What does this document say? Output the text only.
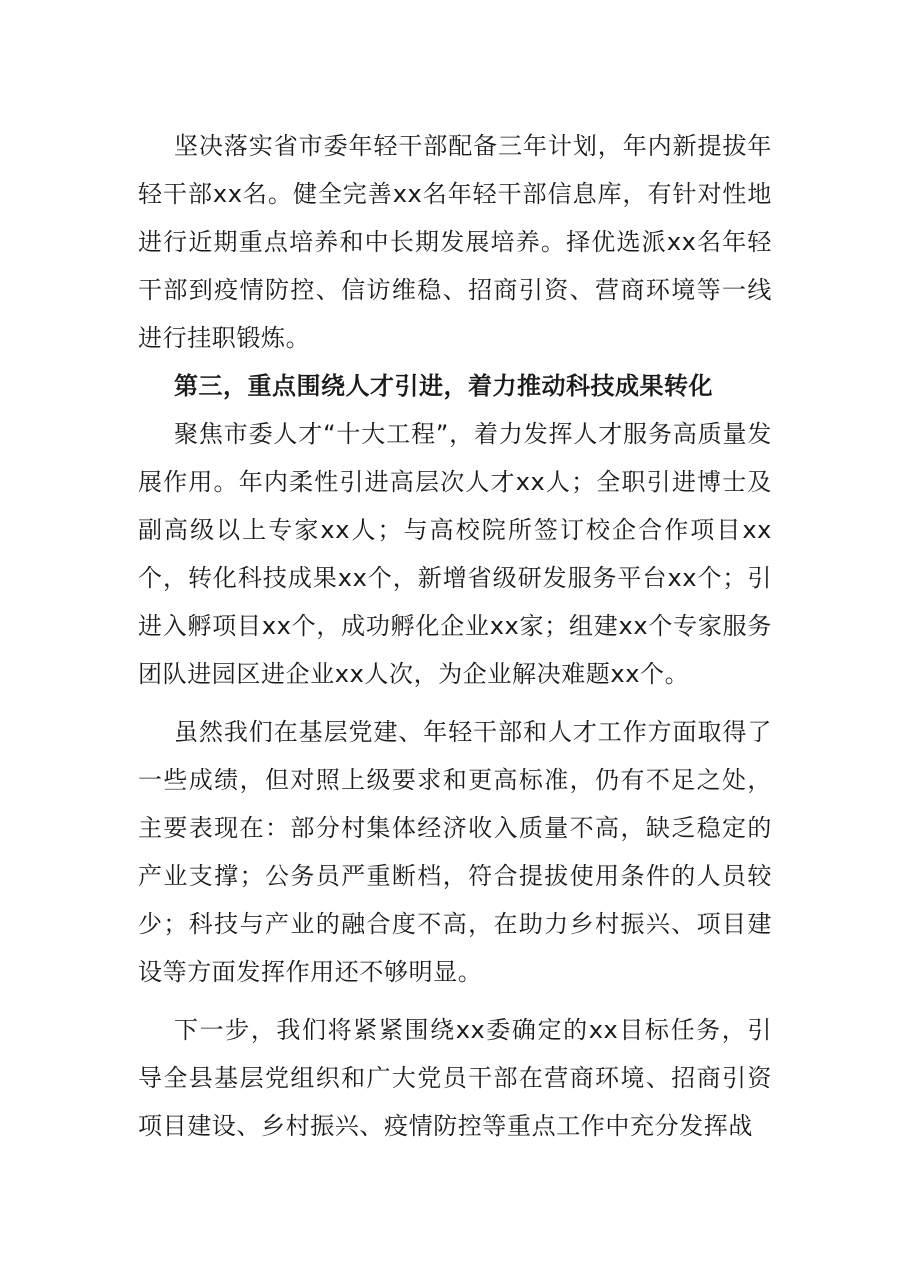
坚决落实省市委年轻干部配备三年计划，年内新提拔年轻干部xx名。健全完善xx名年轻干部信息库，有针对性地进行近期重点培养和中长期发展培养。择优选派xx名年轻干部到疫情防控、信访维稳、招商引资、营商环境等一线进行挂职锻炼。

第三，重点围绕人才引进，着力推动科技成果转化

聚焦市委人才“十大工程”，着力发挥人才服务高质量发展作用。年内柔性引进高层次人才xx人；全职引进博士及副高级以上专家xx人；与高校院所签订校企合作项目xx个，转化科技成果xx个，新增省级研发服务平台xx个；引进入孵项目xx个，成功孵化企业xx家；组建xx个专家服务团队进园区进企业xx人次，为企业解决难题xx个。

虽然我们在基层党建、年轻干部和人才工作方面取得了一些成绩，但对照上级要求和更高标准，仍有不足之处，主要表现在：部分村集体经济收入质量不高，缺乏稳定的产业支撑；公务员严重断档，符合提拔使用条件的人员较少；科技与产业的融合度不高，在助力乡村振兴、项目建设等方面发挥作用还不够明显。

下一步，我们将紧紧围绕xx委确定的xx目标任务，引导全县基层党组织和广大党员干部在营商环境、招商引资项目建设、乡村振兴、疫情防控等重点工作中充分发挥战
